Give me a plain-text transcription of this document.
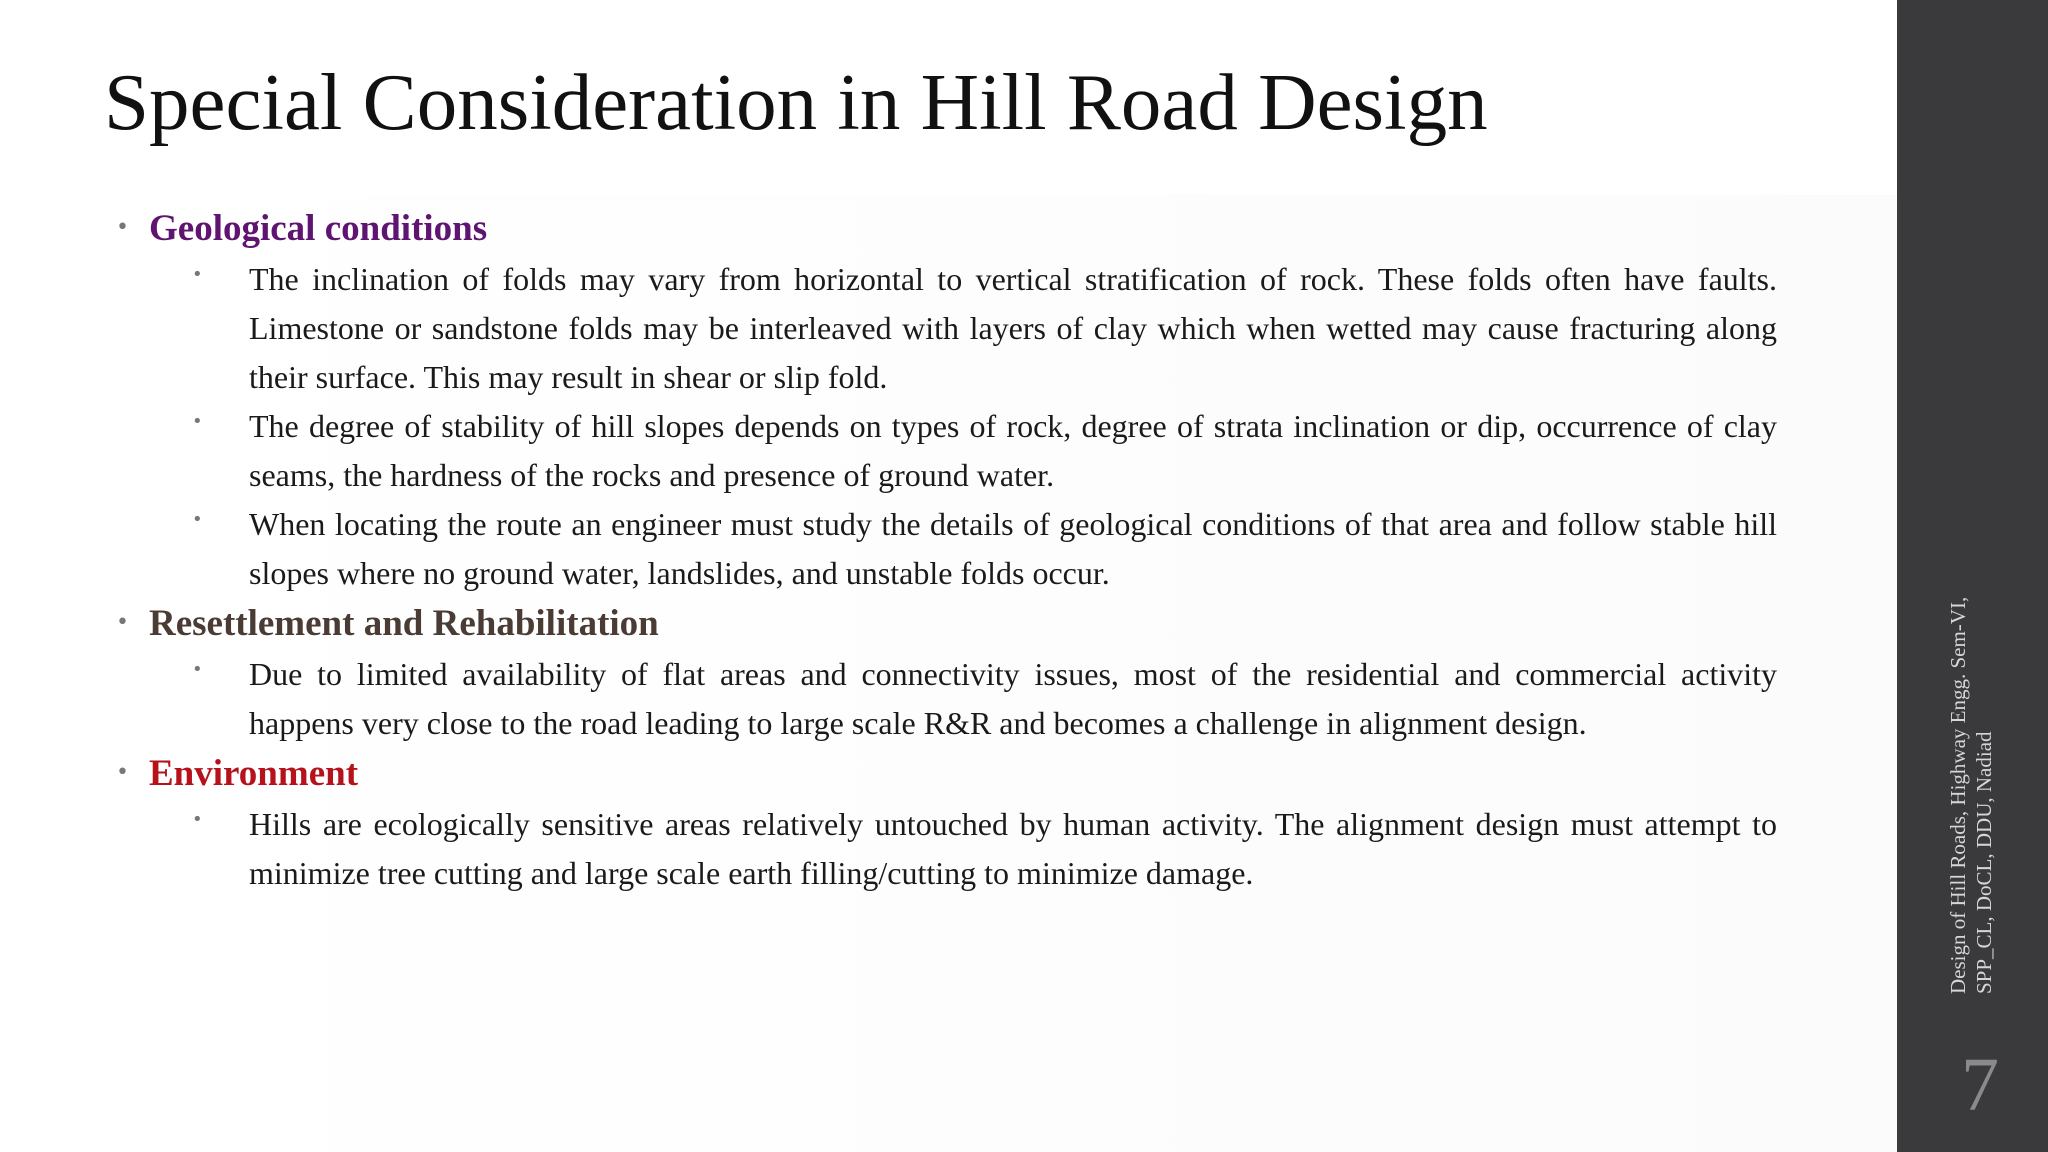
Special Consideration in Hill Road Design
• Geological conditions
• The inclination of folds may vary from horizontal to vertical stratification of rock. These folds often have faults. Limestone or sandstone folds may be interleaved with layers of clay which when wetted may cause fracturing along their surface. This may result in shear or slip fold.
• The degree of stability of hill slopes depends on types of rock, degree of strata inclination or dip, occurrence of clay seams, the hardness of the rocks and presence of ground water.
• When locating the route an engineer must study the details of geological conditions of that area and follow stable hill slopes where no ground water, landslides, and unstable folds occur.
• Resettlement and Rehabilitation
• Due to limited availability of flat areas and connectivity issues, most of the residential and commercial activity happens very close to the road leading to large scale R&R and becomes a challenge in alignment design.
• Environment
• Hills are ecologically sensitive areas relatively untouched by human activity. The alignment design must attempt to minimize tree cutting and large scale earth filling/cutting to minimize damage.	Design of Hill Roads, Highway Engg. Sem-VI, SPP_CL, DoCL, DDU, Nadiad
7
